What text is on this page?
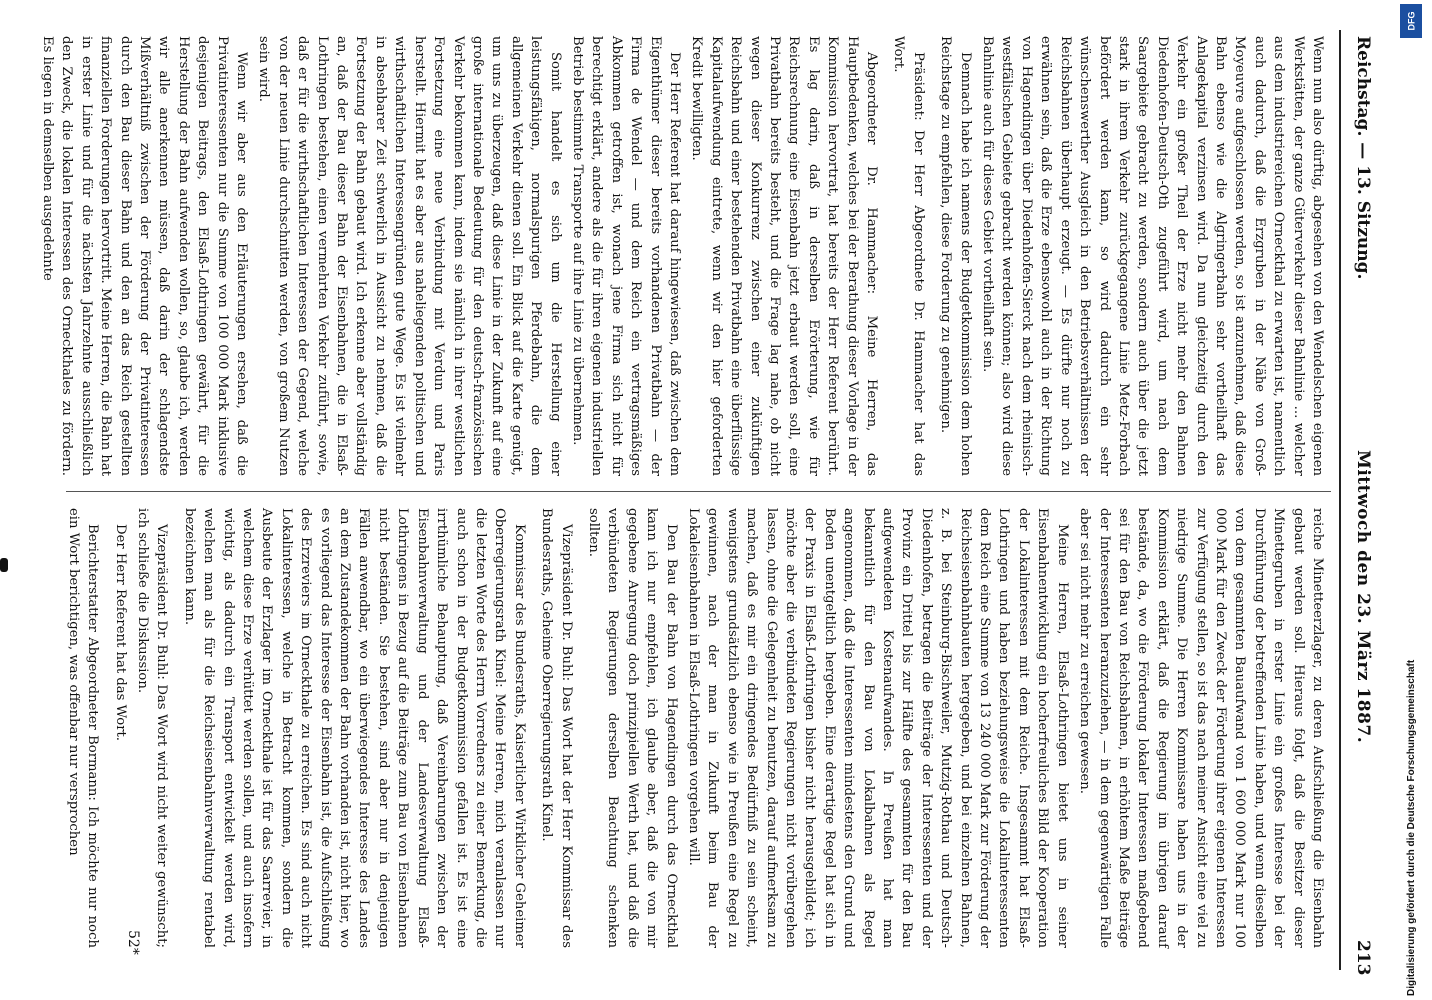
Reichstag. — 13. Sitzung.
Mittwoch den 23. März 1887.
213

Wenn nun also dürftig, abgesehen von den Wendelschen eigenen Werkstätten, der ganze Güterverkehr dieser Bahnlinie ... welcher aus dem industriereichen Orneckthal zu erwarten ist, namentlich auch dadurch, daß die Erzgruben in der Nähe von Groß-Moyeuvre aufgeschlossen werden, so ist anzunehmen, daß diese Bahn ebenso wie die Algringerbahn sehr vortheilhaft das Anlagekapital verzinsen wird. Da nun gleichzeitig durch den Verkehr ein großer Theil der Erze nicht mehr den Bahnen Diedenhofen-Deutsch-Oth zugeführt wird, um nach dem Saargebiete gebracht zu werden, sondern auch über die jetzt stark in ihrem Verkehr zurückgegangene Linie Metz-Forbach befördert werden kann, so wird dadurch ein sehr wünschenswerther Ausgleich in den Betriebsverhältnissen der Reichsbahnen überhaupt erzeugt. — Es dürfte nur noch zu erwähnen sein, daß die Erze ebensowohl auch in der Richtung von Hagendingen über Diedenhofen-Sierck nach dem rheinisch-westfälischen Gebiete gebracht werden können; also wird diese Bahnlinie auch für dieses Gebiet vortheilhaft sein.

Demnach habe ich namens der Budgetkommission dem hohen Reichstage zu empfehlen, diese Forderung zu genehmigen.

Präsident: Der Herr Abgeordnete Dr. Hammacher hat das Wort.

Abgeordneter Dr. Hammacher: Meine Herren, das Hauptbedenken, welches bei der Berathung dieser Vorlage in der Kommission hervortrat, hat bereits der Herr Referent berührt. Es lag darin, daß in derselben Erörterung, wie für Reichsrechnung eine Eisenbahn jetzt erbaut werden soll, eine Privatbahn bereits besteht, und die Frage lag nahe, ob nicht wegen dieser Konkurrenz zwischen einer zukünftigen Reichsbahn und einer bestehenden Privatbahn eine überflüssige Kapitalaufwendung eintrete, wenn wir den hier geforderten Kredit bewilligten.

Der Herr Referent hat darauf hingewiesen, daß zwischen dem Eigenthümer dieser bereits vorhandenen Privatbahn — der Firma de Wendel — und dem Reich ein vertragsmäßiges Abkommen getroffen ist, wonach jene Firma sich nicht für berechtigt erklärt, andere als die für ihren eigenen industriellen Betrieb bestimmte Transporte auf ihre Linie zu übernehmen.

Somit handelt es sich um die Herstellung einer leistungsfähigen, normalspurigen Pferdebahn, die dem allgemeinen Verkehr dienen soll. Ein Blick auf die Karte genügt, um uns zu überzeugen, daß diese Linie in der Zukunft auf eine große internationale Bedeutung für den deutsch-französischen Verkehr bekommen kann, indem sie nämlich in ihrer westlichen Fortsetzung eine neue Verbindung mit Verdun und Paris herstellt. Hiermit hat es aber aus naheliegenden politischen und wirthschaftlichen Interessengründen gute Wege. Es ist vielmehr in absehbarer Zeit schwerlich in Aussicht zu nehmen, daß die Fortsetzung der Bahn gebaut wird. Ich erkenne aber vollständig an, daß der Bau dieser Bahn der Eisenbahnen, die in Elsaß-Lothringen bestehen, einen vermehrten Verkehr zuführt, sowie, daß er für die wirthschaftlichen Interessen der Gegend, welche von der neuen Linie durchschnitten werden, von großem Nutzen sein wird.

Wenn wir aber aus den Erläuterungen ersehen, daß die Privatinteressenten nur die Summe von 100 000 Mark inklusive desjenigen Beitrags, den Elsaß-Lothringen gewährt, für die Herstellung der Bahn aufwenden wollen, so, glaube ich, werden wir alle anerkennen müssen, daß darin der schlagendste Mißverhältniß zwischen der Förderung der Privatinteressen durch den Bau dieser Bahn und den an das Reich gestellten finanziellen Forderungen hervortritt. Meine Herren, die Bahn hat in erster Linie und für die nächsten Jahrzehnte ausschließlich den Zweck, die lokalen Interessen des Orneckthales zu fördern. Es liegen in demselben ausgedehnte

reiche Minetteerzlager, zu deren Aufschließung die Eisenbahn gebaut werden soll. Hieraus folgt, daß die Besitzer dieser Minettegruben in erster Linie ein großes Interesse bei der Durchführung der betreffenden Linie haben, und wenn dieselben von dem gesammten Bauaufwand von 1 600 000 Mark nur 100 000 Mark für den Zweck der Förderung ihrer eigenen Interessen zur Verfügung stellen, so ist das nach meiner Ansicht eine viel zu niedrige Summe. Die Herren Kommissare haben uns in der Kommission erklärt, daß die Regierung im übrigen darauf bestände, da, wo die Förderung lokaler Interessen maßgebend sei für den Bau von Reichsbahnen, in erhöhtem Maße Beiträge der Interessenten heranzuziehen, — in dem gegenwärtigen Falle aber sei nicht mehr zu erreichen gewesen.

Meine Herren, Elsaß-Lothringen bietet uns in seiner Eisenbahnentwicklung ein hocherfreuliches Bild der Kooperation der Lokalinteressen mit dem Reiche. Insgesammt hat Elsaß-Lothringen und haben beziehungsweise die Lokalinteressenten dem Reich eine Summe von 13 240 000 Mark zur Förderung der Reichseisenbahnbauten hergegeben, und bei einzelnen Bahnen, z. B. bei Steinburg-Bischweiler, Mutzig-Rothau und Deutsch-Diedenhofen, betragen die Beiträge der Interessenten und der Provinz ein Drittel bis zur Hälfte des gesammten für den Bau aufgewendeten Kostenaufwandes. In Preußen hat man bekanntlich für den Bau von Lokalbahnen als Regel angenommen, daß die Interessenten mindestens den Grund und Boden unentgeltlich hergeben. Eine derartige Regel hat sich in der Praxis in Elsaß-Lothringen bisher nicht herausgebildet; ich möchte aber die verbündeten Regierungen nicht vorübergehen lassen, ohne die Gelegenheit zu benutzen, darauf aufmerksam zu machen, daß es mir ein dringendes Bedürfniß zu sein scheint, wenigstens grundsätzlich ebenso wie in Preußen eine Regel zu gewinnen, nach der man in Zukunft beim Bau der Lokaleisenbahnen in Elsaß-Lothringen vorgehen will.

Den Bau der Bahn von Hagendingen durch das Orneckthal kann ich nur empfehlen, ich glaube aber, daß die von mir gegebene Anregung doch prinzipiellen Werth hat, und daß die verbündeten Regierungen derselben Beachtung schenken sollten.

Vizepräsident Dr. Buhl: Das Wort hat der Herr Kommissar des Bundesraths, Geheime Oberregierungsrath Kinel.

Kommissar des Bundesraths, Kaiserlicher Wirklicher Geheimer Oberregierungsrath Kinel: Meine Herren, mich veranlassen nur die letzten Worte des Herrn Vorredners zu einer Bemerkung, die auch schon in der Budgetkommission gefallen ist. Es ist eine irrthümliche Behauptung, daß Vereinbarungen zwischen der Eisenbahnverwaltung und der Landesverwaltung Elsaß-Lothringens in Bezug auf die Beiträge zum Bau von Eisenbahnen nicht beständen. Sie bestehen, sind aber nur in denjenigen Fällen anwendbar, wo ein überwiegendes Interesse des Landes an dem Zustandekommen der Bahn vorhanden ist, nicht hier, wo es vorliegend das Interesse der Eisenbahn ist, die Aufschließung des Erzreviers im Orneckthale zu erreichen. Es sind auch nicht Lokalinteressen, welche in Betracht kommen, sondern die Ausbeute der Erzlager im Orneckthale ist für das Saarrevier, in welchem diese Erze verhüttet werden sollen, und auch insofern wichtig, als dadurch ein Transport entwickelt werden wird, welchen man als für die Reichseisenbahnverwaltung rentabel bezeichnen kann.

Vizepräsident Dr. Buhl: Das Wort wird nicht weiter gewünscht; ich schließe die Diskussion.

Der Herr Referent hat das Wort.

Berichterstatter Abgeordneter Bormann: Ich möchte nur noch ein Wort berichtigen, was offenbar nur versprochen

52*
DFG
Digitalisierung gefördert durch die Deutsche Forschungsgemeinschaft
